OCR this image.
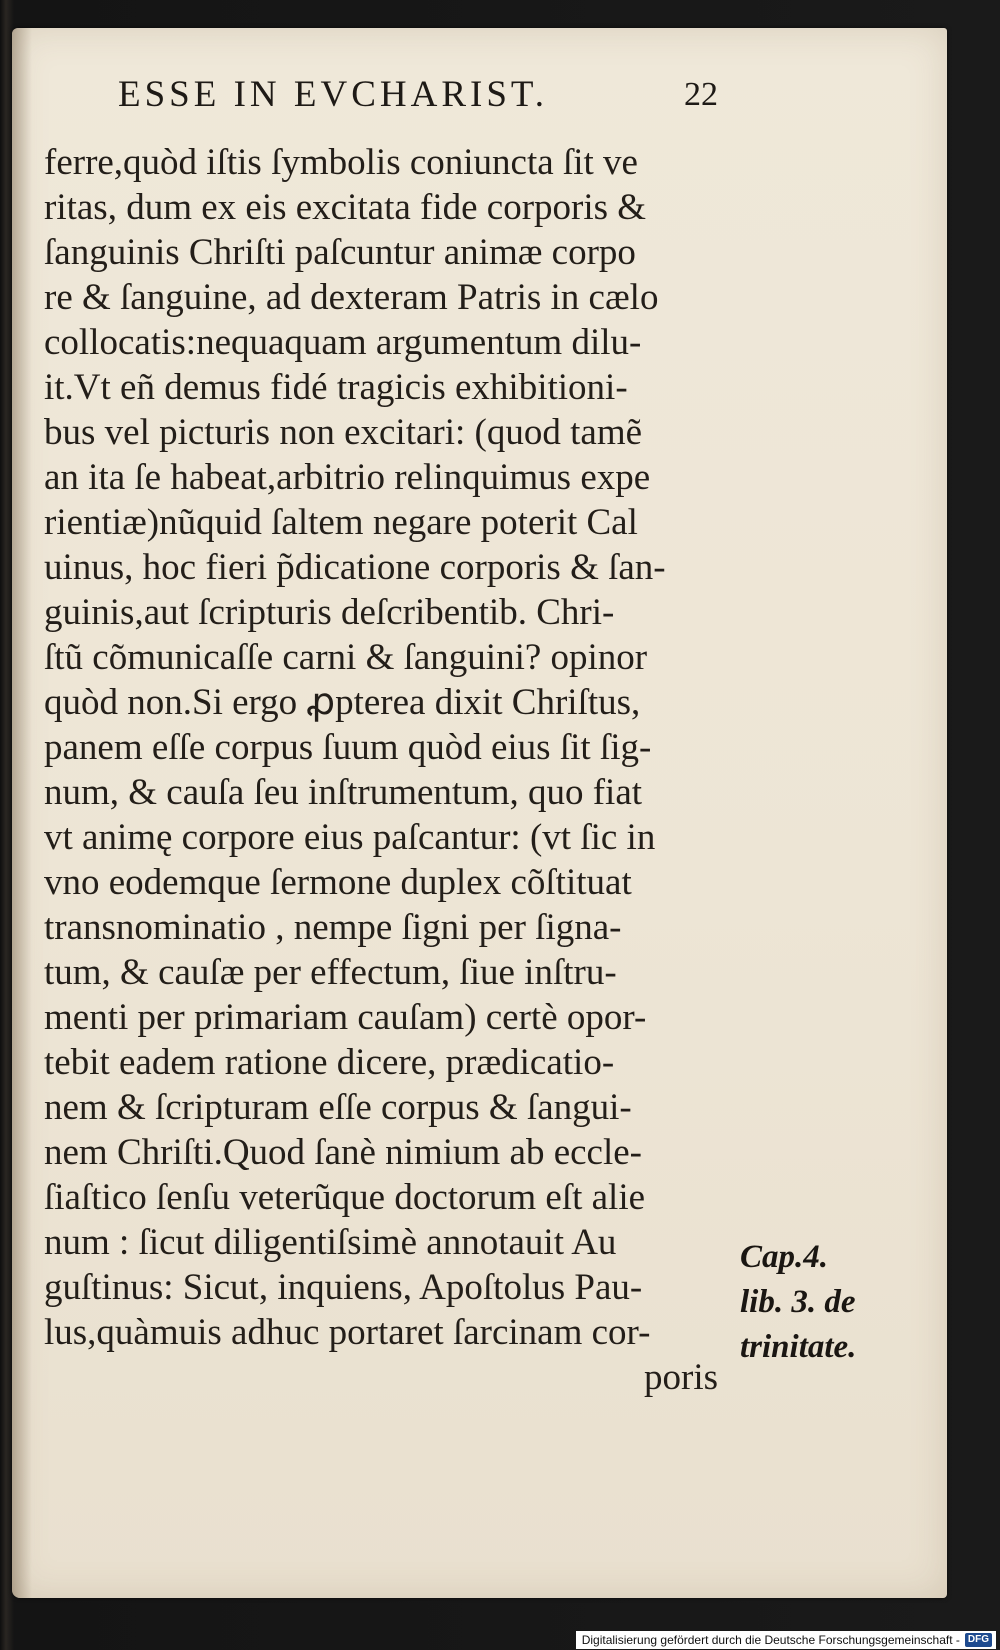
ESSE IN EVCHARIST.	22
ferre,quòd iſtis ſymbolis coniuncta ſit ve
ritas, dum ex eis excitata fide corporis &
ſanguinis Chriſti paſcuntur animæ corpo
re & ſanguine, ad dexteram Patris in cælo
collocatis:nequaquam argumentum dilu-
it.Vt eñ demus fidé tragicis exhibitioni-
bus vel picturis non excitari: (quod tamẽ
an ita ſe habeat,arbitrio relinquimus expe
rientiæ)nũquid ſaltem negare poterit Cal
uinus, hoc fieri p̃dicatione corporis & ſan-
guinis,aut ſcripturis deſcribentib. Chri-
ſtũ cõmunicaſſe carni & ſanguini? opinor
quòd non.Si ergo ꝓpterea dixit Chriſtus,
panem eſſe corpus ſuum quòd eius ſit ſig-
num, & cauſa ſeu inſtrumentum, quo fiat
vt animę corpore eius paſcantur: (vt ſic in
vno eodemque ſermone duplex cõſtituat
transnominatio , nempe ſigni per ſigna-
tum, & cauſæ per effectum, ſiue inſtru-
menti per primariam cauſam) certè opor-
tebit eadem ratione dicere, prædicatio-
nem & ſcripturam eſſe corpus & ſangui-
nem Chriſti.Quod ſanè nimium ab eccle-
ſiaſtico ſenſu veterũque doctorum eſt alie
num : ſicut diligentiſsimè annotauit Au
guſtinus: Sicut, inquiens, Apoſtolus Pau-
lus,quàmuis adhuc portaret ſarcinam cor-
poris
Cap.4.
lib. 3. de
trinitate.
Digitalisierung gefördert durch die Deutsche Forschungsgemeinschaft - DFG
